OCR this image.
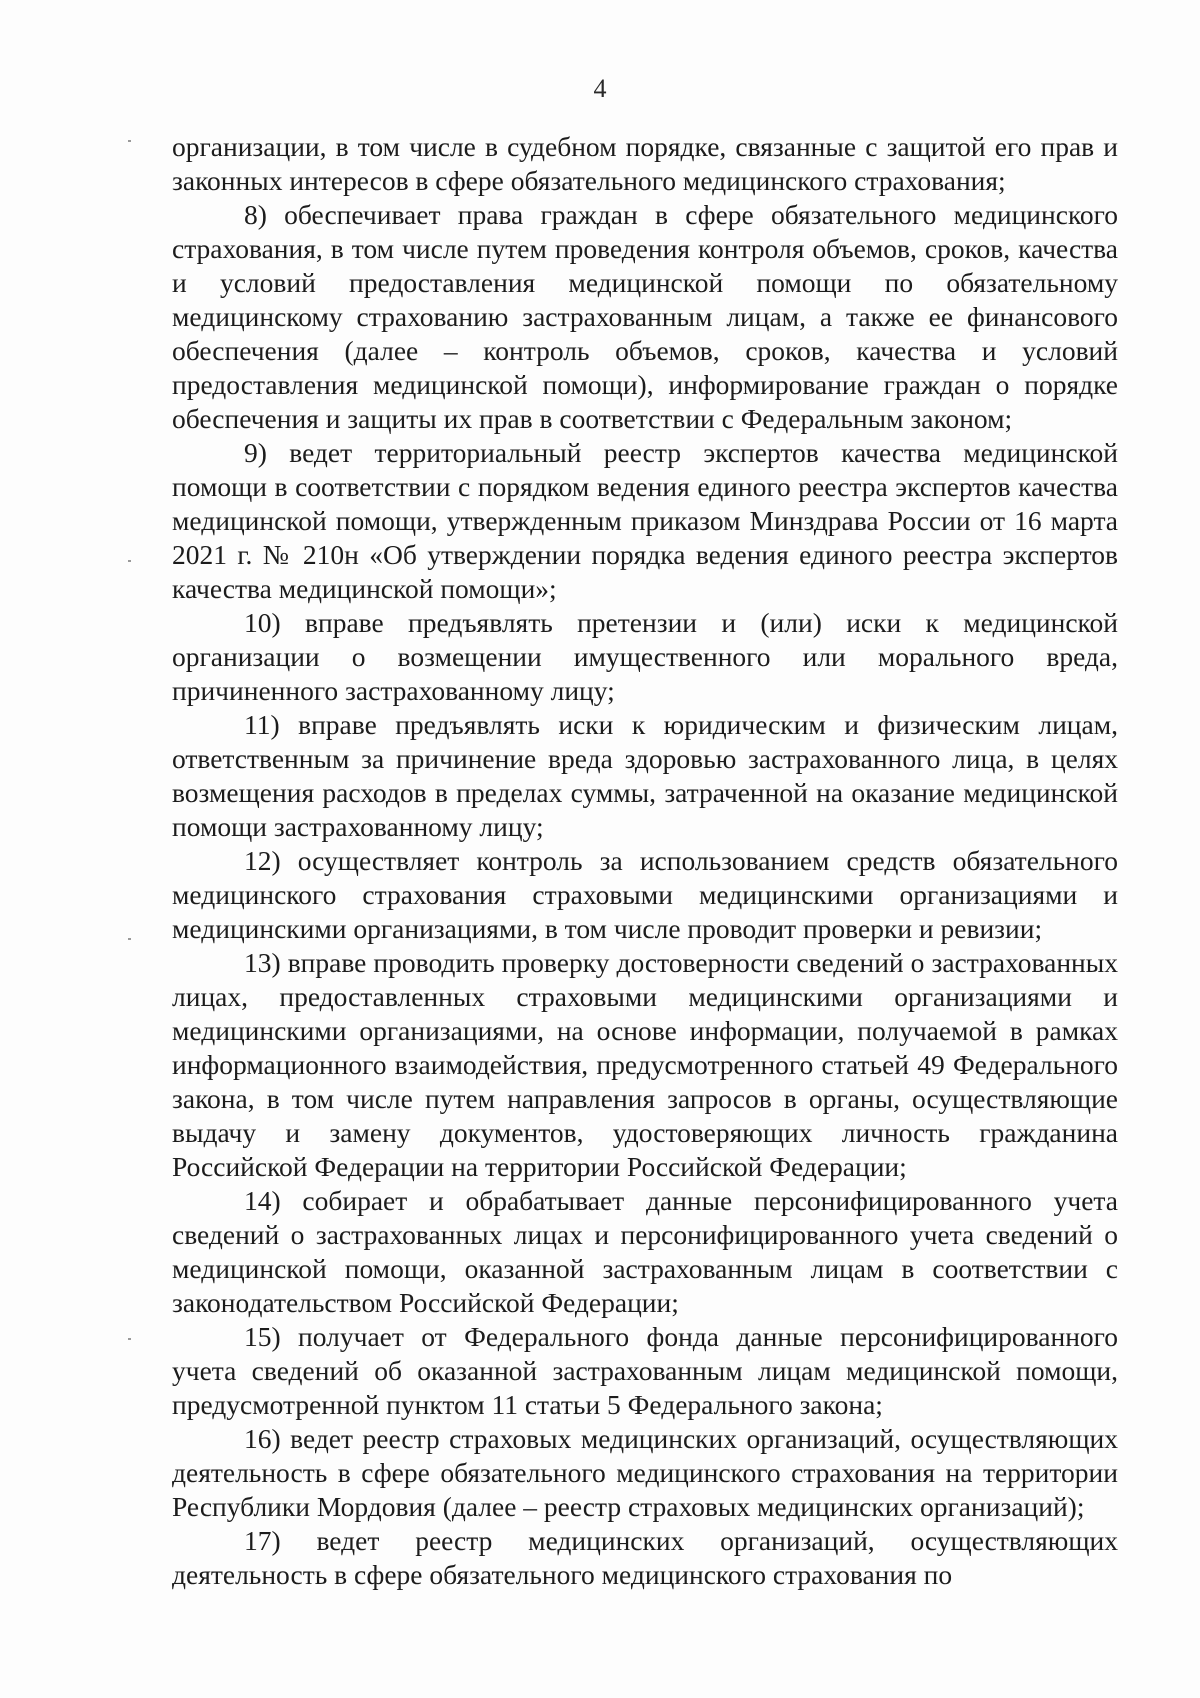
4

организации, в том числе в судебном порядке, связанные с защитой его прав и законных интересов в сфере обязательного медицинского страхования;

8) обеспечивает права граждан в сфере обязательного медицинского страхования, в том числе путем проведения контроля объемов, сроков, качества и условий предоставления медицинской помощи по обязательному медицинскому страхованию застрахованным лицам, а также ее финансового обеспечения (далее – контроль объемов, сроков, качества и условий предоставления медицинской помощи), информирование граждан о порядке обеспечения и защиты их прав в соответствии с Федеральным законом;

9) ведет территориальный реестр экспертов качества медицинской помощи в соответствии с порядком ведения единого реестра экспертов качества медицинской помощи, утвержденным приказом Минздрава России от 16 марта 2021 г. № 210н «Об утверждении порядка ведения единого реестра экспертов качества медицинской помощи»;

10) вправе предъявлять претензии и (или) иски к медицинской организации о возмещении имущественного или морального вреда, причиненного застрахованному лицу;

11) вправе предъявлять иски к юридическим и физическим лицам, ответственным за причинение вреда здоровью застрахованного лица, в целях возмещения расходов в пределах суммы, затраченной на оказание медицинской помощи застрахованному лицу;

12) осуществляет контроль за использованием средств обязательного медицинского страхования страховыми медицинскими организациями и медицинскими организациями, в том числе проводит проверки и ревизии;

13) вправе проводить проверку достоверности сведений о застрахованных лицах, предоставленных страховыми медицинскими организациями и медицинскими организациями, на основе информации, получаемой в рамках информационного взаимодействия, предусмотренного статьей 49 Федерального закона, в том числе путем направления запросов в органы, осуществляющие выдачу и замену документов, удостоверяющих личность гражданина Российской Федерации на территории Российской Федерации;

14) собирает и обрабатывает данные персонифицированного учета сведений о застрахованных лицах и персонифицированного учета сведений о медицинской помощи, оказанной застрахованным лицам в соответствии с законодательством Российской Федерации;

15) получает от Федерального фонда данные персонифицированного учета сведений об оказанной застрахованным лицам медицинской помощи, предусмотренной пунктом 11 статьи 5 Федерального закона;

16) ведет реестр страховых медицинских организаций, осуществляющих деятельность в сфере обязательного медицинского страхования на территории Республики Мордовия (далее – реестр страховых медицинских организаций);

17) ведет реестр медицинских организаций, осуществляющих деятельность в сфере обязательного медицинского страхования по
